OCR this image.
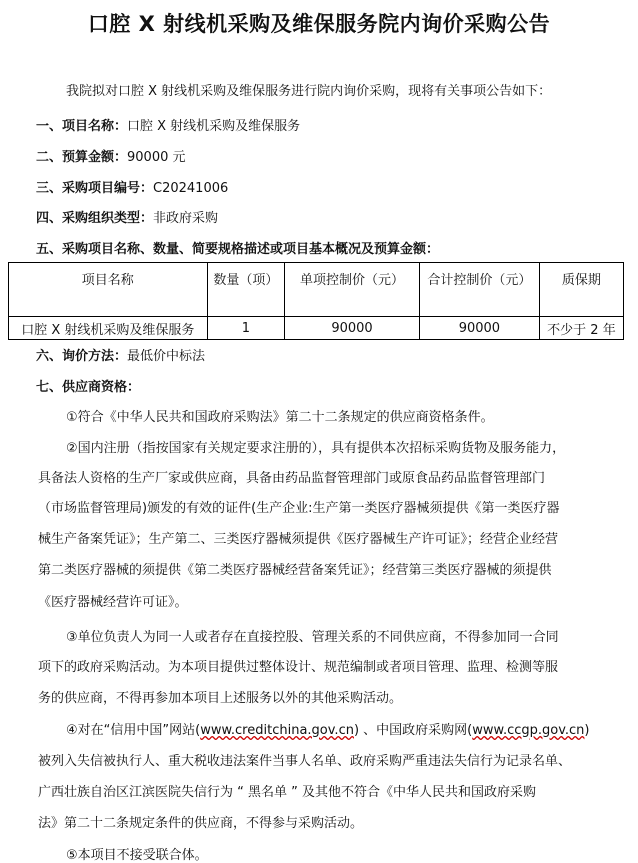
口腔 X 射线机采购及维保服务院内询价采购公告
我院拟对口腔 X 射线机采购及维保服务进行院内询价采购，现将有关事项公告如下：
一、项目名称：口腔 X 射线机采购及维保服务
二、预算金额：90000 元
三、采购项目编号：C20241006
四、采购组织类型：非政府采购
五、采购项目名称、数量、简要规格描述或项目基本概况及预算金额：
项目名称	数量（项）	单项控制价（元）	合计控制价（元）	质保期
口腔 X 射线机采购及维保服务	1	90000	90000	不少于 2 年
六、询价方法：最低价中标法
七、供应商资格：
①符合《中华人民共和国政府采购法》第二十二条规定的供应商资格条件。
②国内注册（指按国家有关规定要求注册的），具有提供本次招标采购货物及服务能力，
具备法人资格的生产厂家或供应商，具备由药品监督管理部门或原食品药品监督管理部门
（市场监督管理局)颁发的有效的证件(生产企业:生产第一类医疗器械须提供《第一类医疗器
械生产备案凭证》；生产第二、三类医疗器械须提供《医疗器械生产许可证》；经营企业经营
第二类医疗器械的须提供《第二类医疗器械经营备案凭证》；经营第三类医疗器械的须提供
《医疗器械经营许可证》。
③单位负责人为同一人或者存在直接控股、管理关系的不同供应商，不得参加同一合同
项下的政府采购活动。为本项目提供过整体设计、规范编制或者项目管理、监理、检测等服
务的供应商，不得再参加本项目上述服务以外的其他采购活动。
④对在“信用中国”网站(www.creditchina.gov.cn) 、中国政府采购网(www.ccgp.gov.cn)
被列入失信被执行人、重大税收违法案件当事人名单、政府采购严重违法失信行为记录名单、
广西壮族自治区江滨医院失信行为 “ 黑名单 ” 及其他不符合《中华人民共和国政府采购
法》第二十二条规定条件的供应商，不得参与采购活动。
⑤本项目不接受联合体。
